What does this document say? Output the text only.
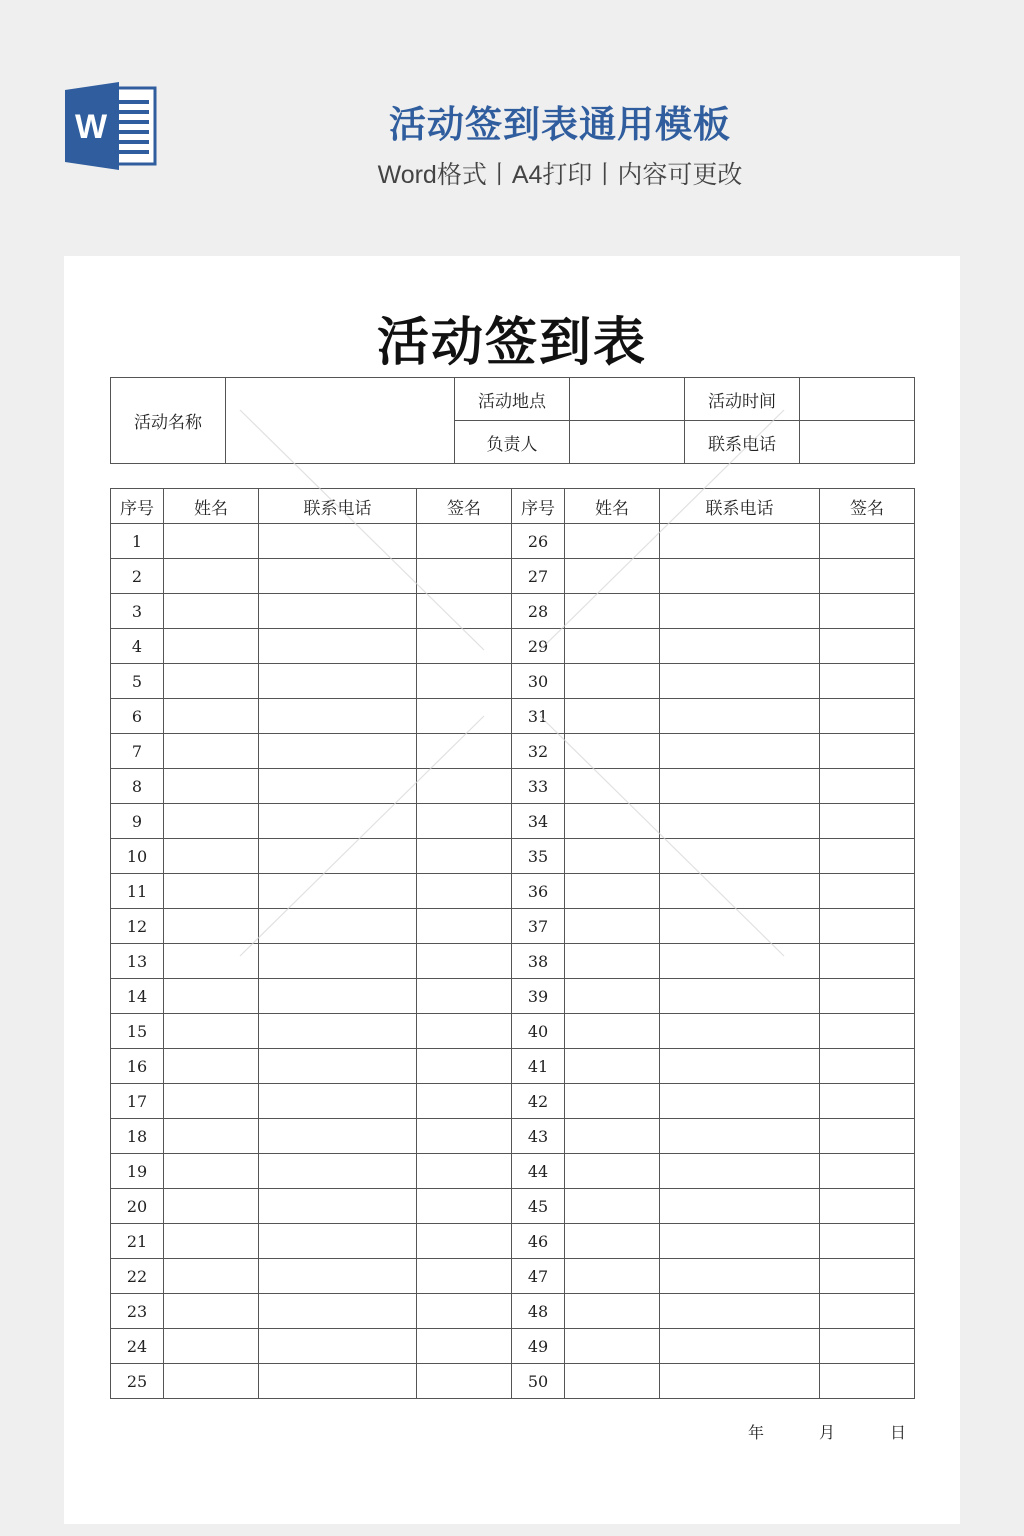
W	活动签到表通用模板
Word格式丨A4打印丨内容可更改
活动签到表
活动名称		活动地点		活动时间	
		负责人		联系电话	
序号	姓名	联系电话	签名	序号	姓名	联系电话	签名
1				26			
2				27			
3				28			
4				29			
5				30			
6				31			
7				32			
8				33			
9				34			
10				35			
11				36			
12				37			
13				38			
14				39			
15				40			
16				41			
17				42			
18				43			
19				44			
20				45			
21				46			
22				47			
23				48			
24				49			
25				50			
年	月	日
